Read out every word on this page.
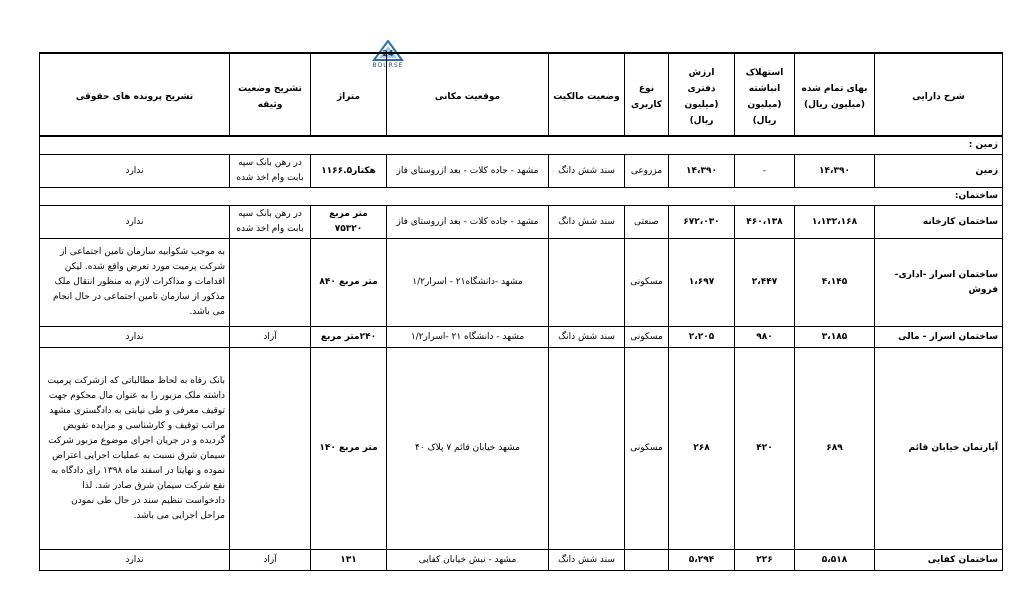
24
BOURSE
شرح دارایی	بهای تمام شده (میلیون ریال)	استهلاک انباشته (میلیون ریال)	ارزش دفتری (میلیون ریال)	نوع کاربری	وضعیت مالکیت	موقعیت مکانی	متراژ	تشریح وضعیت وثیقه	تشریح پرونده های حقوقی
زمین :									
زمین	۱۴،۳۹۰	-	۱۴،۳۹۰	مزروعی	سند شش دانگ	مشهد - جاده کلات - بعد ازروستای فاز	هکتار۱۱۶۶.۵	در رهن بانک سپه بابت وام اخذ شده	ندارد
ساختمان:									
ساختمان کارخانه	۱،۱۳۲،۱۶۸	۴۶۰،۱۳۸	۶۷۲،۰۳۰	صنعتی	سند شش دانگ	مشهد - جاده کلات - بعد ازروستای فاز	متر مربع ۷۵۳۲۰	در رهن بانک سپه بابت وام اخذ شده	ندارد
ساختمان اسرار -اداری-فروش	۴،۱۴۵	۲،۴۴۷	۱،۶۹۷	مسکونی		مشهد -دانشگاه۲۱ - اسرار۱/۲	متر مربع ۸۴۰		به موجب شکوابیه سازمان تامین اجتماعی از شرکت پرمیت مورد تعرض واقع شده. لیکن اقدامات و مذاکرات لازم به منظور انتقال ملک مذکور از سازمان تامین اجتماعی در حال انجام می باشد.
ساختمان اسرار - مالی	۳،۱۸۵	۹۸۰	۲،۲۰۵	مسکونی	سند شش دانگ	مشهد - دانشگاه ۲۱ -اسرار۱/۲	۲۴۰متر مربع	آزاد	ندارد
آپارتمان خیابان قائم	۶۸۹	۴۲۰	۲۶۸	مسکونی		مشهد خیابان قائم ۷ پلاک ۴۰	متر مربع ۱۴۰		بانک رفاه به لحاظ مطالباتی که ازشرکت پرمیت داشته ملک مزبور را به عنوان مال محکوم جهت توقیف معرفی و طی نیابتی به دادگستری مشهد مراتب توقیف و کارشناسی و مزایده تفویض گردیده و در جریان اجرای موضوع مزبور شرکت سیمان شرق نسبت به عملیات اجرایی اعتراض نموده و نهایتا در اسفند ماه ۱۳۹۸ رای دادگاه به نفع شرکت سیمان شرق صادر شد. لذا دادخواست تنظیم سند در حال طی نمودن مراحل اجرایی می باشد.
ساختمان کفایی	۵،۵۱۸	۲۲۶	۵،۲۹۴		سند شش دانگ	مشهد - نبش خیابان کفایی	۱۳۱	آزاد	ندارد
